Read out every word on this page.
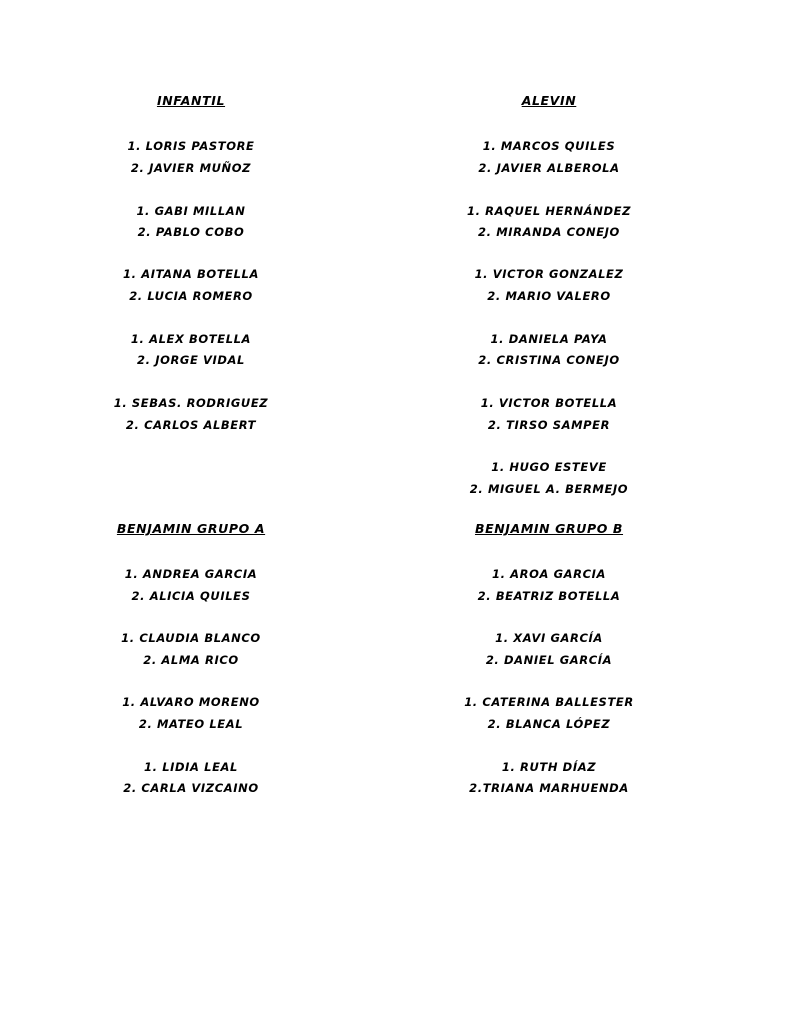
INFANTIL
1. LORIS PASTORE
2. JAVIER MUÑOZ
1. GABI MILLAN
2. PABLO COBO
1. AITANA BOTELLA
2. LUCIA ROMERO
1. ALEX BOTELLA
2. JORGE VIDAL
1. SEBAS. RODRIGUEZ
2. CARLOS ALBERT
ALEVIN
1. MARCOS QUILES
2. JAVIER ALBEROLA
1. RAQUEL HERNÁNDEZ
2. MIRANDA CONEJO
1. VICTOR GONZALEZ
2. MARIO VALERO
1. DANIELA PAYA
2. CRISTINA CONEJO
1. VICTOR BOTELLA
2. TIRSO SAMPER
1. HUGO ESTEVE
2. MIGUEL A. BERMEJO
BENJAMIN GRUPO A
1. ANDREA GARCIA
2. ALICIA QUILES
1. CLAUDIA BLANCO
2. ALMA RICO
1. ALVARO MORENO
2. MATEO LEAL
1. LIDIA LEAL
2. CARLA VIZCAINO
BENJAMIN GRUPO B
1. AROA GARCIA
2. BEATRIZ BOTELLA
1. XAVI GARCÍA
2. DANIEL GARCÍA
1. CATERINA BALLESTER
2. BLANCA LÓPEZ
1. RUTH DÍAZ
2.TRIANA MARHUENDA
